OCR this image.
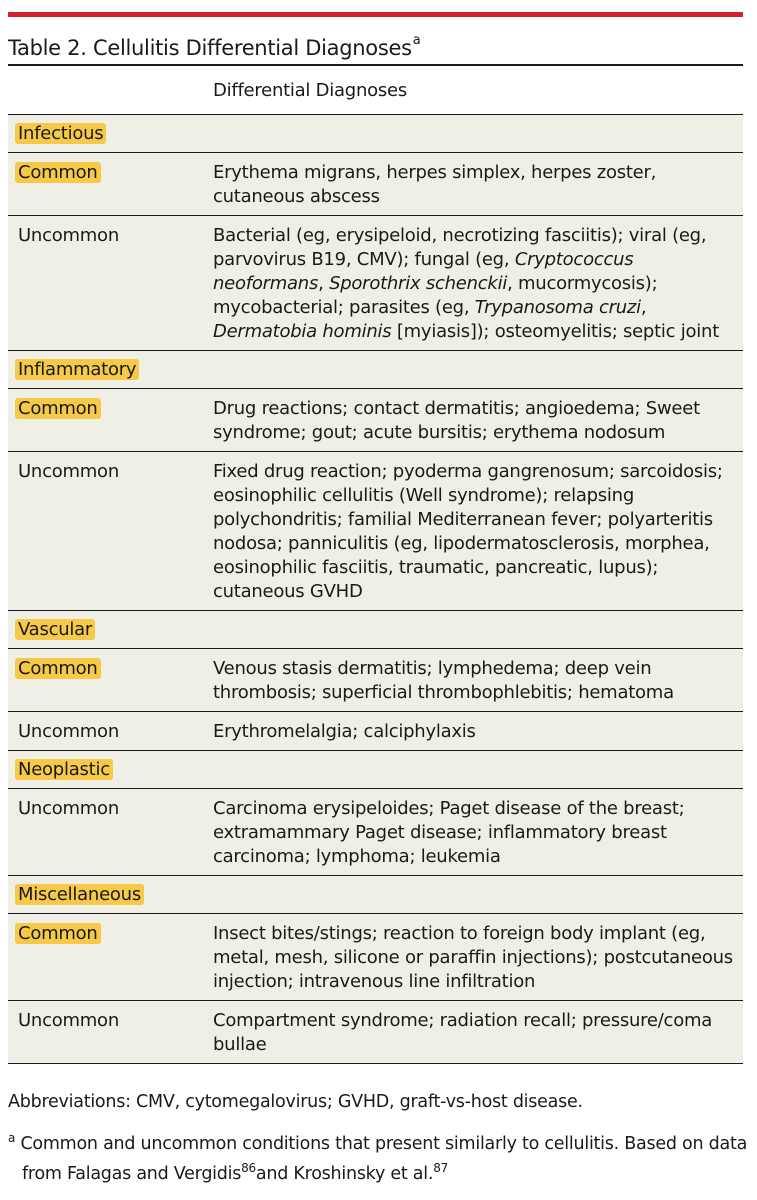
Table 2. Cellulitis Differential Diagnoses$^a$
Differential Diagnoses
Infectious
Common	Erythema migrans, herpes simplex, herpes zoster, cutaneous abscess
Uncommon	Bacterial (eg, erysipeloid, necrotizing fasciitis); viral (eg, parvovirus B19, CMV); fungal (eg, Cryptococcus neoformans, Sporothrix schenckii, mucormycosis); mycobacterial; parasites (eg, Trypanosoma cruzi, Dermatobia hominis [myiasis]); osteomyelitis; septic joint
Inflammatory
Common	Drug reactions; contact dermatitis; angioedema; Sweet syndrome; gout; acute bursitis; erythema nodosum
Uncommon	Fixed drug reaction; pyoderma gangrenosum; sarcoidosis; eosinophilic cellulitis (Well syndrome); relapsing polychondritis; familial Mediterranean fever; polyarteritis nodosa; panniculitis (eg, lipodermatosclerosis, morphea, eosinophilic fasciitis, traumatic, pancreatic, lupus); cutaneous GVHD
Vascular
Common	Venous stasis dermatitis; lymphedema; deep vein thrombosis; superficial thrombophlebitis; hematoma
Uncommon	Erythromelalgia; calciphylaxis
Neoplastic
Uncommon	Carcinoma erysipeloides; Paget disease of the breast; extramammary Paget disease; inflammatory breast carcinoma; lymphoma; leukemia
Miscellaneous
Common	Insect bites/stings; reaction to foreign body implant (eg, metal, mesh, silicone or paraffin injections); postcutaneous injection; intravenous line infiltration
Uncommon	Compartment syndrome; radiation recall; pressure/coma bullae
Abbreviations: CMV, cytomegalovirus; GVHD, graft-vs-host disease.
$^a$ Common and uncommon conditions that present similarly to cellulitis. Based on data from Falagas and Vergidis$^{86}$and Kroshinsky et al.$^{87}$
